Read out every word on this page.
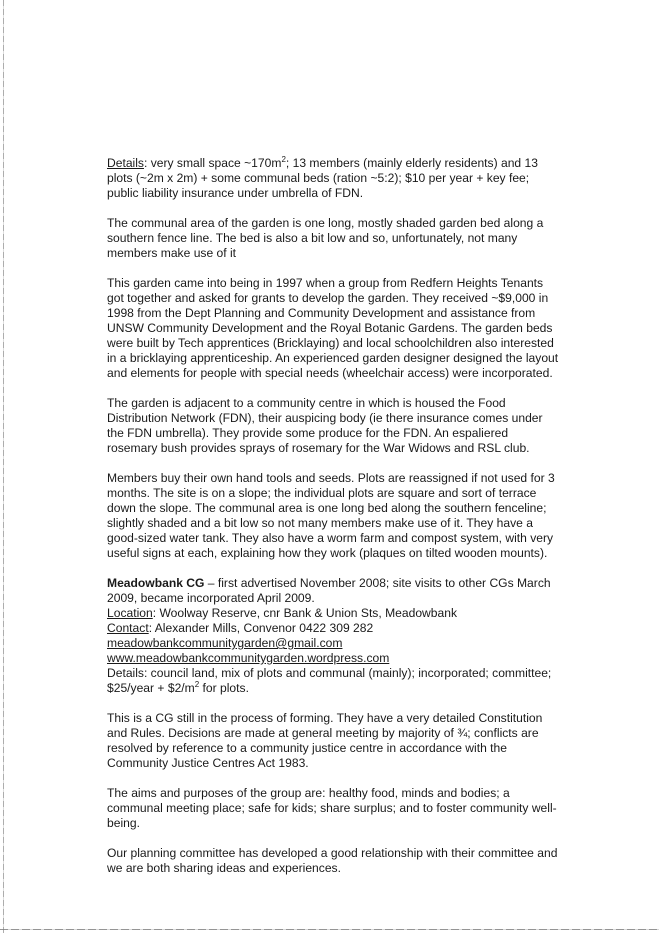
Details: very small space $\sim 170m^2$; 13 members (mainly elderly residents) and 13 plots (~2m x 2m) + some communal beds (ration ~5:2); $10 per year + key fee; public liability insurance under umbrella of FDN.

The communal area of the garden is one long, mostly shaded garden bed along a southern fence line. The bed is also a bit low and so, unfortunately, not many members make use of it

This garden came into being in 1997 when a group from Redfern Heights Tenants got together and asked for grants to develop the garden. They received ~$9,000 in 1998 from the Dept Planning and Community Development and assistance from UNSW Community Development and the Royal Botanic Gardens. The garden beds were built by Tech apprentices (Bricklaying) and local schoolchildren also interested in a bricklaying apprenticeship. An experienced garden designer designed the layout and elements for people with special needs (wheelchair access) were incorporated.

The garden is adjacent to a community centre in which is housed the Food Distribution Network (FDN), their auspicing body (ie there insurance comes under the FDN umbrella). They provide some produce for the FDN. An espaliered rosemary bush provides sprays of rosemary for the War Widows and RSL club.

Members buy their own hand tools and seeds. Plots are reassigned if not used for 3 months. The site is on a slope; the individual plots are square and sort of terrace down the slope. The communal area is one long bed along the southern fenceline; slightly shaded and a bit low so not many members make use of it. They have a good-sized water tank. They also have a worm farm and compost system, with very useful signs at each, explaining how they work (plaques on tilted wooden mounts).

Meadowbank CG – first advertised November 2008; site visits to other CGs March 2009, became incorporated April 2009.
Location: Woolway Reserve, cnr Bank & Union Sts, Meadowbank
Contact: Alexander Mills, Convenor 0422 309 282
meadowbankcommunitygarden@gmail.com
www.meadowbankcommunitygarden.wordpress.com
Details: council land, mix of plots and communal (mainly); incorporated; committee; $25/year + $\$2/m^2$ for plots.

This is a CG still in the process of forming. They have a very detailed Constitution and Rules. Decisions are made at general meeting by majority of ¾; conflicts are resolved by reference to a community justice centre in accordance with the Community Justice Centres Act 1983.

The aims and purposes of the group are: healthy food, minds and bodies; a communal meeting place; safe for kids; share surplus; and to foster community well-being.

Our planning committee has developed a good relationship with their committee and we are both sharing ideas and experiences.
